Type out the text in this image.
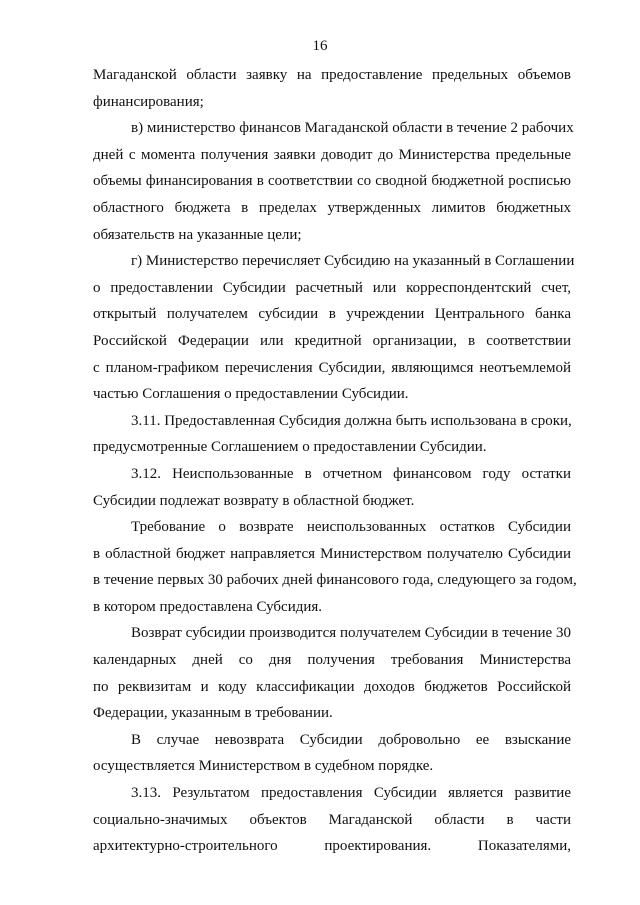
16
Магаданской области заявку на предоставление предельных объемов
финансирования;
в) министерство финансов Магаданской области в течение 2 рабочих
дней с момента получения заявки доводит до Министерства предельные
объемы финансирования в соответствии со сводной бюджетной росписью
областного бюджета в пределах утвержденных лимитов бюджетных
обязательств на указанные цели;
г) Министерство перечисляет Субсидию на указанный в Соглашении
о предоставлении Субсидии расчетный или корреспондентский счет,
открытый получателем субсидии в учреждении Центрального банка
Российской Федерации или кредитной организации, в соответствии
с планом-графиком перечисления Субсидии, являющимся неотъемлемой
частью Соглашения о предоставлении Субсидии.
3.11. Предоставленная Субсидия должна быть использована в сроки,
предусмотренные Соглашением о предоставлении Субсидии.
3.12. Неиспользованные в отчетном финансовом году остатки
Субсидии подлежат возврату в областной бюджет.
Требование о возврате неиспользованных остатков Субсидии
в областной бюджет направляется Министерством получателю Субсидии
в течение первых 30 рабочих дней финансового года, следующего за годом,
в котором предоставлена Субсидия.
Возврат субсидии производится получателем Субсидии в течение 30
календарных дней со дня получения требования Министерства
по реквизитам и коду классификации доходов бюджетов Российской
Федерации, указанным в требовании.
В случае невозврата Субсидии добровольно ее взыскание
осуществляется Министерством в судебном порядке.
3.13. Результатом предоставления Субсидии является развитие
социально-значимых объектов Магаданской области в части
архитектурно-строительного проектирования. Показателями,
